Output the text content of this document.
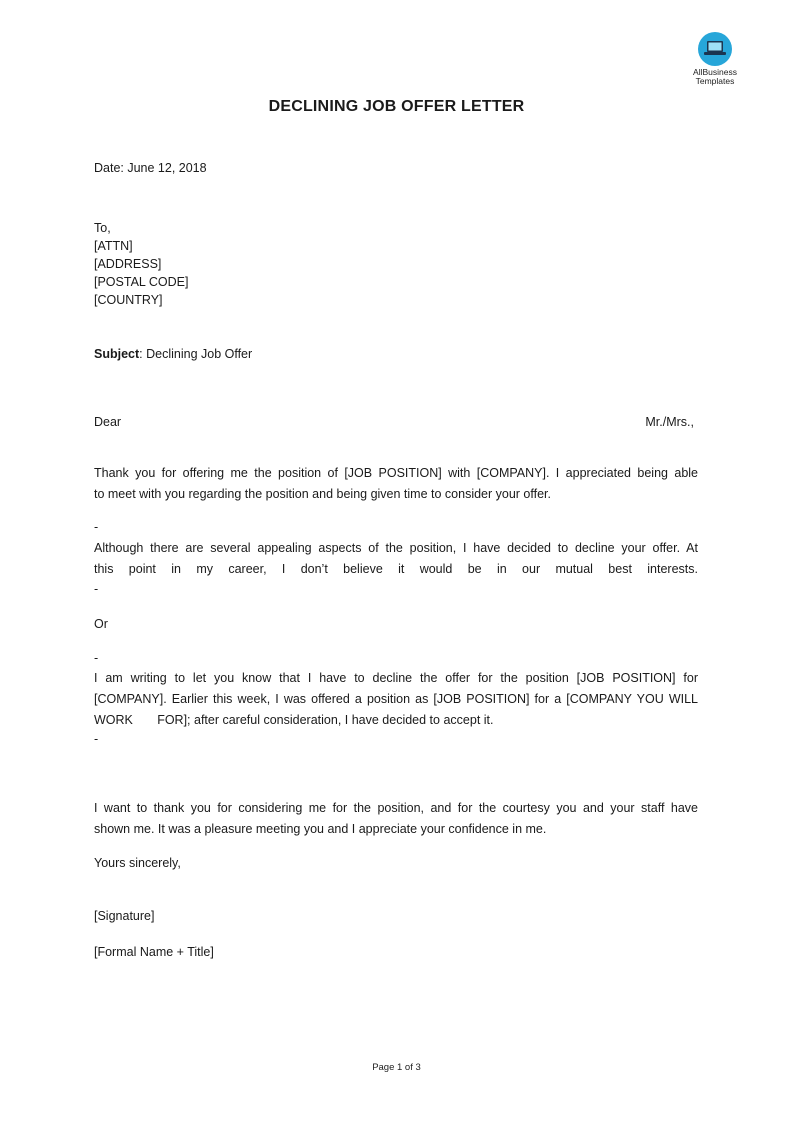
AllBusiness
Templates
DECLINING JOB OFFER LETTER
Date: June 12, 2018
To,
[ATTN]
[ADDRESS]
[POSTAL CODE]
[COUNTRY]
Subject: Declining Job Offer
Dear	Mr./Mrs.,
Thank you for offering me the position of [JOB POSITION] with [COMPANY]. I appreciated being able
to meet with you regarding the position and being given time to consider your offer.
-
Although there are several appealing aspects of the position, I have decided to decline your offer. At
this point in my career, I don’t believe it would be in our mutual best interests.
-
Or
-
I am writing to let you know that I have to decline the offer for the position [JOB POSITION] for
[COMPANY]. Earlier this week, I was offered a position as [JOB POSITION] for a [COMPANY YOU WILL
WORK       FOR]; after careful consideration, I have decided to accept it.
-
I want to thank you for considering me for the position, and for the courtesy you and your staff have
shown me. It was a pleasure meeting you and I appreciate your confidence in me.
Yours sincerely,
[Signature]
[Formal Name + Title]
Page 1 of 3
